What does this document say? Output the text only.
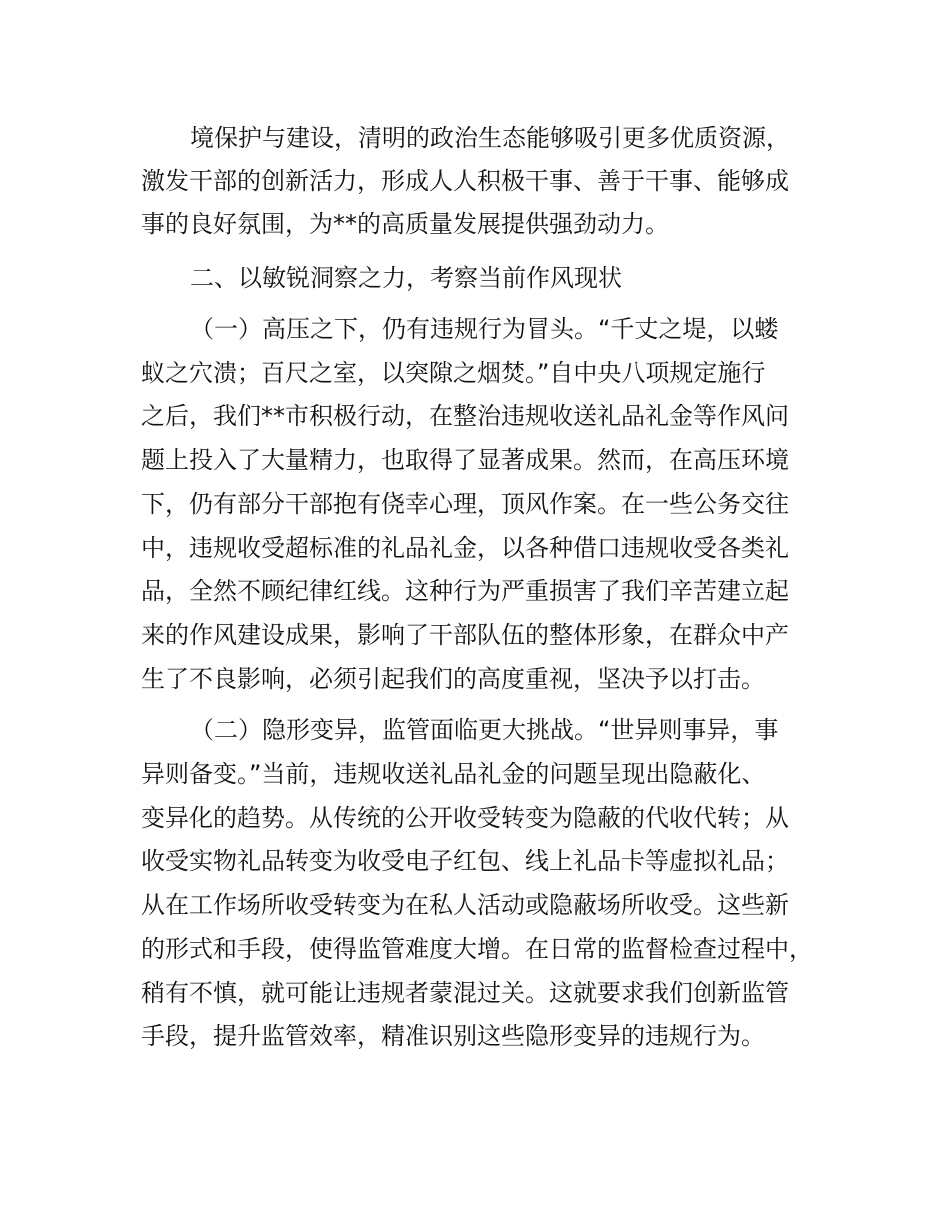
境保护与建设，清明的政治生态能够吸引更多优质资源，

激发干部的创新活力，形成人人积极干事、善于干事、能够成

事的良好氛围，为**的高质量发展提供强劲动力。

二、以敏锐洞察之力，考察当前作风现状

（一）高压之下，仍有违规行为冒头。“千丈之堤，以蝼

蚁之穴溃；百尺之室，以突隙之烟焚。”自中央八项规定施行

之后，我们**市积极行动，在整治违规收送礼品礼金等作风问

题上投入了大量精力，也取得了显著成果。然而，在高压环境

下，仍有部分干部抱有侥幸心理，顶风作案。在一些公务交往

中，违规收受超标准的礼品礼金，以各种借口违规收受各类礼

品，全然不顾纪律红线。这种行为严重损害了我们辛苦建立起

来的作风建设成果，影响了干部队伍的整体形象，在群众中产

生了不良影响，必须引起我们的高度重视，坚决予以打击。

（二）隐形变异，监管面临更大挑战。“世异则事异，事

异则备变。”当前，违规收送礼品礼金的问题呈现出隐蔽化、

变异化的趋势。从传统的公开收受转变为隐蔽的代收代转；从

收受实物礼品转变为收受电子红包、线上礼品卡等虚拟礼品；

从在工作场所收受转变为在私人活动或隐蔽场所收受。这些新

的形式和手段，使得监管难度大增。在日常的监督检查过程中，

稍有不慎，就可能让违规者蒙混过关。这就要求我们创新监管

手段，提升监管效率，精准识别这些隐形变异的违规行为。
